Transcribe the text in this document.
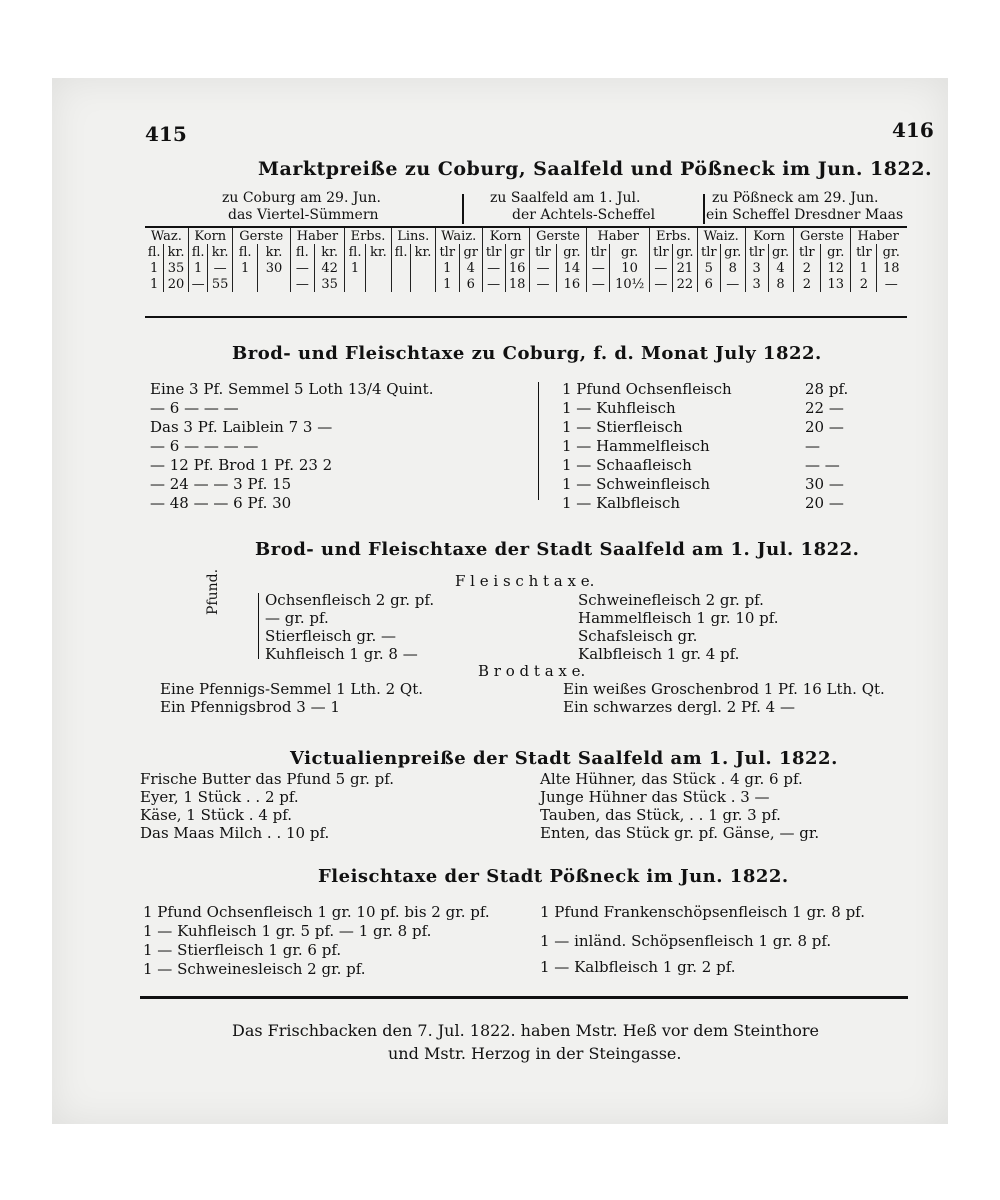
415	416
Marktpreiße zu Coburg, Saalfeld und Pößneck im Jun. 1822.
zu Coburg am 29. Jun.
das Viertel-Sümmern
zu Saalfeld am 1. Jul.
der Achtels-Scheffel
zu Pößneck am 29. Jun.
ein Scheffel Dresdner Maas
Waz.		Korn		Gerste		Haber		Erbs.		Lins.		Waiz.		Korn		Gerste		Haber		Erbs.		Waiz.		Korn		Gerste		Haber	
fl.	kr.	fl.	kr.	fl.	kr.	fl.	kr.	fl.	kr.	fl.	kr.	tlr	gr	tlr	gr	tlr	gr.	tlr	gr.	tlr	gr.	tlr	gr.	tlr	gr.	tlr	gr.	tlr	gr.
1	35	1	—	1	30	—	42	1				1	4	—	16	—	14	—	10	—	21	5	8	3	4	2	12	1	18
1	20	—	55			—	35					1	6	—	18	—	16	—	10½	—	22	6	—	3	8	2	13	2	—
Brod- und Fleischtaxe zu Coburg, f. d. Monat July 1822.
Eine 3 Pf. Semmel 5 Loth 13/4 Quint.
— 6 — — —
Das 3 Pf. Laiblein 7 3 —
— 6 — — — —
— 12 Pf. Brod 1 Pf. 23 2
— 24 — — 3 Pf. 15
— 48 — — 6 Pf. 30
1 Pfund Ochsenfleisch	28 pf.
1 — Kuhfleisch	22 —
1 — Stierfleisch	20 —
1 — Hammelfleisch	—
1 — Schaafleisch	— —
1 — Schweinfleisch	30 —
1 — Kalbfleisch	20 —
Brod- und Fleischtaxe der Stadt Saalfeld am 1. Jul. 1822.
F l e i s c h t a x e.
Pfund.	Ochsenfleisch 2 gr. pf.
— gr. pf.
Stierfleisch gr. —
Kuhfleisch 1 gr. 8 —
Schweinefleisch 2 gr. pf.
Hammelfleisch 1 gr. 10 pf.
Schafsleisch gr.
Kalbfleisch 1 gr. 4 pf.
B r o d t a x e.
Eine Pfennigs-Semmel 1 Lth. 2 Qt.
Ein Pfennigsbrod 3 — 1
Ein weißes Groschenbrod 1 Pf. 16 Lth. Qt.
Ein schwarzes dergl. 2 Pf. 4 —
Victualienpreiße der Stadt Saalfeld am 1. Jul. 1822.
Frische Butter das Pfund 5 gr. pf.
Eyer, 1 Stück . . 2 pf.
Käse, 1 Stück . 4 pf.
Das Maas Milch . . 10 pf.
Alte Hühner, das Stück . 4 gr. 6 pf.
Junge Hühner das Stück . 3 —
Tauben, das Stück, . . 1 gr. 3 pf.
Enten, das Stück gr. pf. Gänse, — gr.
Fleischtaxe der Stadt Pößneck im Jun. 1822.
1 Pfund Ochsenfleisch 1 gr. 10 pf. bis 2 gr. pf.
1 — Kuhfleisch 1 gr. 5 pf. — 1 gr. 8 pf.
1 — Stierfleisch 1 gr. 6 pf.
1 — Schweinesleisch 2 gr. pf.
1 Pfund Frankenschöpsenfleisch 1 gr. 8 pf.
1 — inländ. Schöpsenfleisch 1 gr. 8 pf.
1 — Kalbfleisch 1 gr. 2 pf.
Das Frischbacken den 7. Jul. 1822. haben Mstr. Heß vor dem Steinthore
und Mstr. Herzog in der Steingasse.
